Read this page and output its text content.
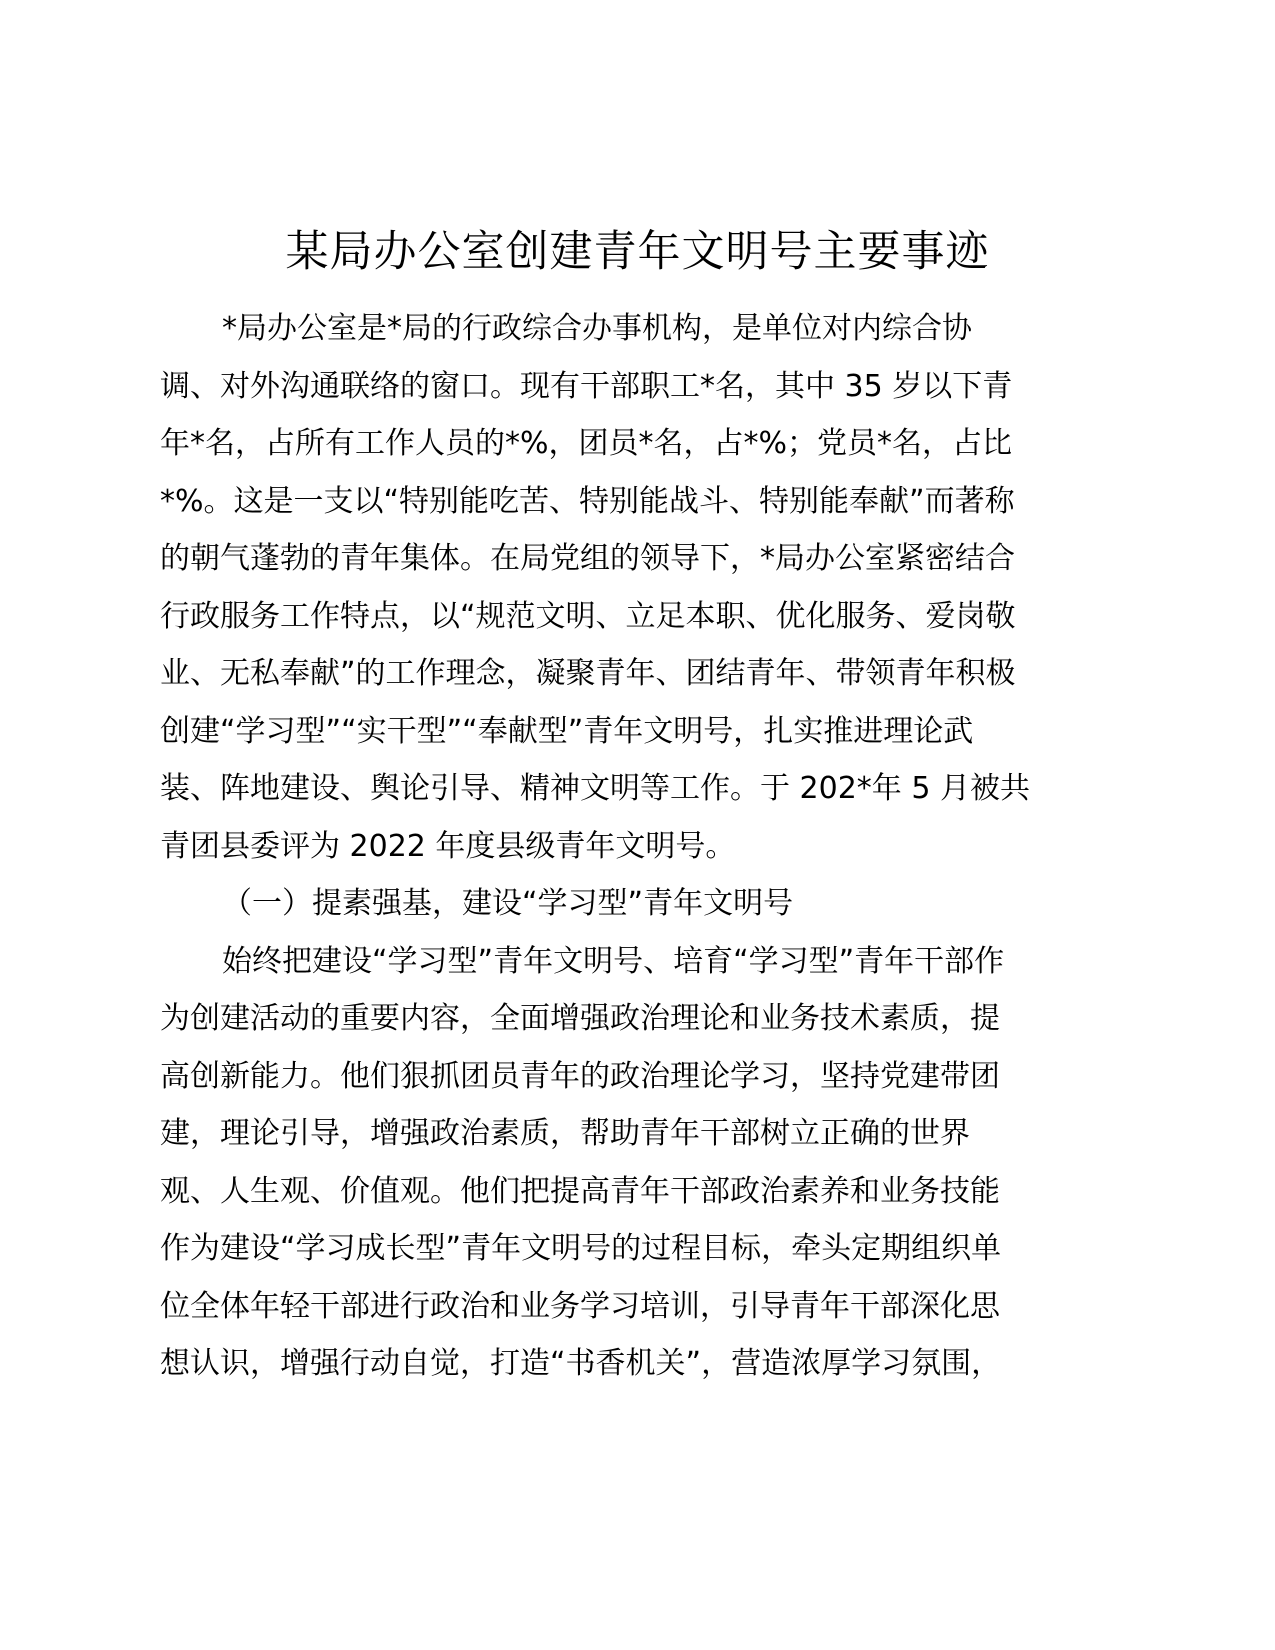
某局办公室创建青年文明号主要事迹
*局办公室是*局的行政综合办事机构，是单位对内综合协
调、对外沟通联络的窗口。现有干部职工*名，其中 35 岁以下青
年*名，占所有工作人员的*%，团员*名，占*%；党员*名，占比
*%。这是一支以“特别能吃苦、特别能战斗、特别能奉献”而著称
的朝气蓬勃的青年集体。在局党组的领导下，*局办公室紧密结合
行政服务工作特点，以“规范文明、立足本职、优化服务、爱岗敬
业、无私奉献”的工作理念，凝聚青年、团结青年、带领青年积极
创建“学习型”“实干型”“奉献型”青年文明号，扎实推进理论武
装、阵地建设、舆论引导、精神文明等工作。于 202*年 5 月被共
青团县委评为 2022 年度县级青年文明号。
（一）提素强基，建设“学习型”青年文明号
始终把建设“学习型”青年文明号、培育“学习型”青年干部作
为创建活动的重要内容，全面增强政治理论和业务技术素质，提
高创新能力。他们狠抓团员青年的政治理论学习，坚持党建带团
建，理论引导，增强政治素质，帮助青年干部树立正确的世界
观、人生观、价值观。他们把提高青年干部政治素养和业务技能
作为建设“学习成长型”青年文明号的过程目标，牵头定期组织单
位全体年轻干部进行政治和业务学习培训，引导青年干部深化思
想认识，增强行动自觉，打造“书香机关”，营造浓厚学习氛围，
